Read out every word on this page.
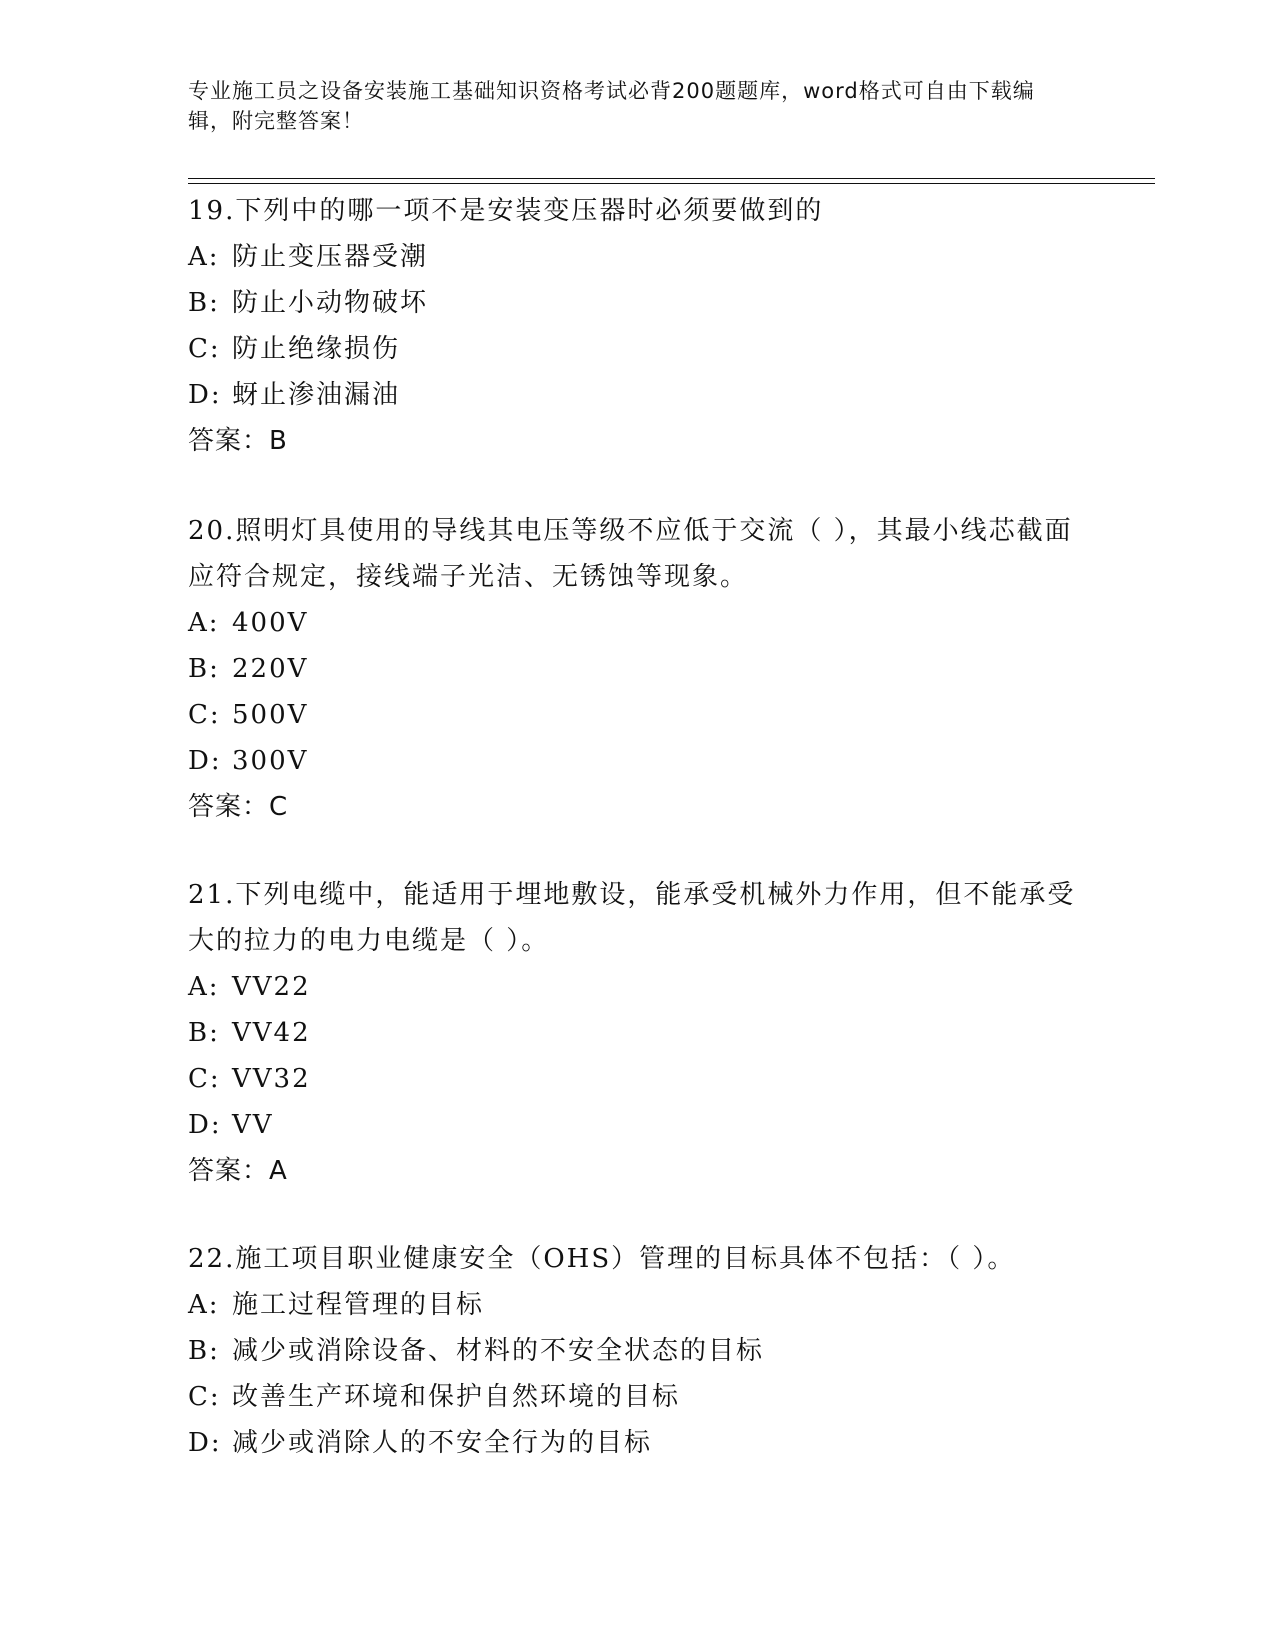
专业施工员之设备安装施工基础知识资格考试必背200题题库，word格式可自由下载编辑，附完整答案！

19.下列中的哪一项不是安装变压器时必须要做到的

A: 防止变压器受潮

B: 防止小动物破坏

C: 防止绝缘损伤

D: 蚜止渗油漏油

答案：B

20.照明灯具使用的导线其电压等级不应低于交流（ ），其最小线芯截面应符合规定，接线端子光洁、无锈蚀等现象。

A: 400V

B: 220V

C: 500V

D: 300V

答案：C

21.下列电缆中，能适用于埋地敷设，能承受机械外力作用，但不能承受大的拉力的电力电缆是（ ）。

A: VV22

B: VV42

C: VV32

D: VV

答案：A

22.施工项目职业健康安全（OHS）管理的目标具体不包括：（ ）。

A: 施工过程管理的目标

B: 减少或消除设备、材料的不安全状态的目标

C: 改善生产环境和保护自然环境的目标

D: 减少或消除人的不安全行为的目标
